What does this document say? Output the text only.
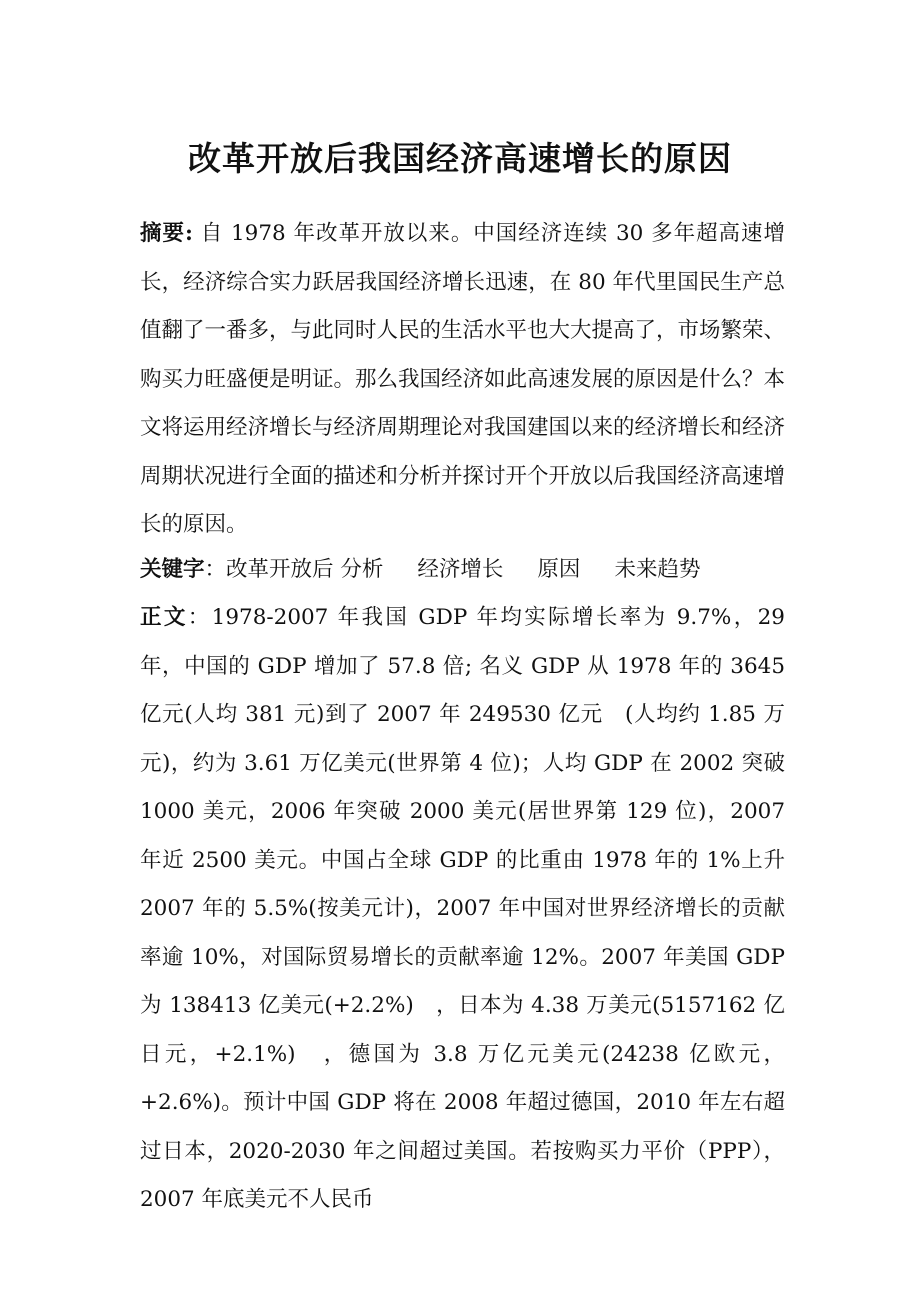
改革开放后我国经济高速增长的原因

摘要: 自 1978 年改革开放以来。中国经济连续 30 多年超高速增长，经济综合实力跃居我国经济增长迅速，在 80 年代里国民生产总值翻了一番多，与此同时人民的生活水平也大大提高了，市场繁荣、购买力旺盛便是明证。那么我国经济如此高速发展的原因是什么？本文将运用经济增长与经济周期理论对我国建国以来的经济增长和经济周期状况进行全面的描述和分析并探讨开个开放以后我国经济高速增长的原因。

关键字：改革开放后 分析 经济增长 原因 未来趋势

正文：1978-2007 年我国 GDP 年均实际增长率为 9.7%，29 年，中国的 GDP 增加了 57.8 倍; 名义 GDP 从 1978 年的 3645 亿元(人均 381 元)到了 2007 年 249530 亿元　(人均约 1.85 万元)，约为 3.61 万亿美元(世界第 4 位)；人均 GDP 在 2002 突破 1000 美元，2006 年突破 2000 美元(居世界第 129 位)，2007 年近 2500 美元。中国占全球 GDP 的比重由 1978 年的 1%上升 2007 年的 5.5%(按美元计)，2007 年中国对世界经济增长的贡献率逾 10%，对国际贸易增长的贡献率逾 12%。2007 年美国 GDP 为 138413 亿美元(+2.2%)　，日本为 4.38 万美元(5157162 亿日元，+2.1%)　，德国为 3.8 万亿元美元(24238 亿欧元，+2.6%)。预计中国 GDP 将在 2008 年超过德国，2010 年左右超过日本，2020-2030 年之间超过美国。若按购买力平价（PPP），2007 年底美元不人民币
